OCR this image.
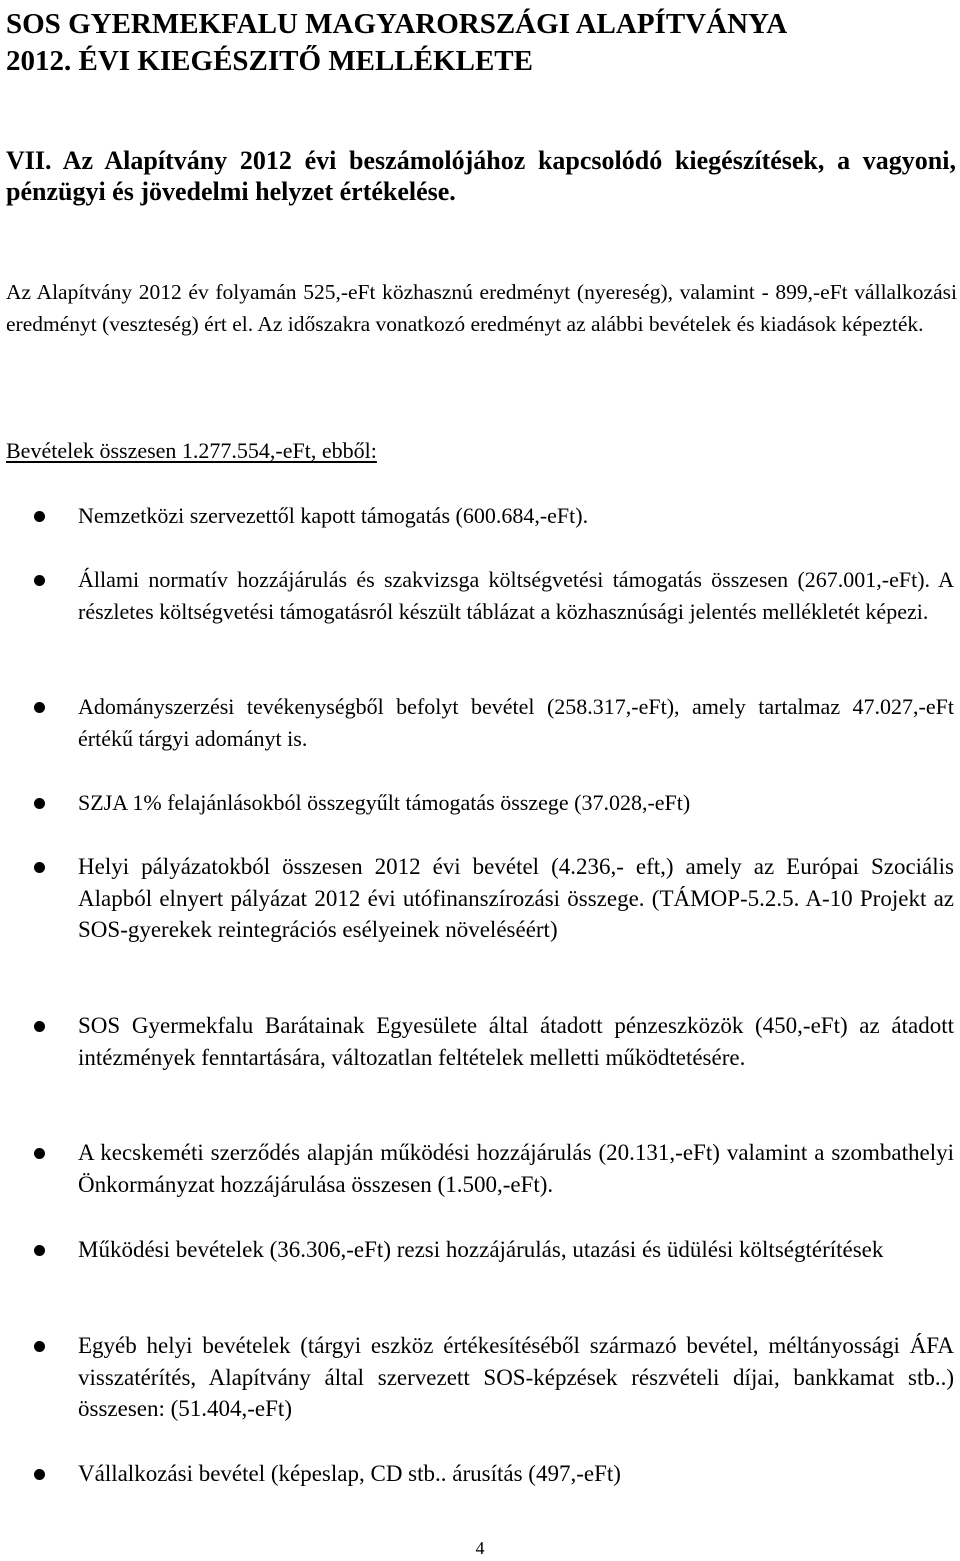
SOS GYERMEKFALU MAGYARORSZÁGI ALAPÍTVÁNYA
2012. ÉVI KIEGÉSZITŐ MELLÉKLETE
VII. Az Alapítvány 2012 évi beszámolójához kapcsolódó kiegészítések, a vagyoni, pénzügyi és jövedelmi helyzet értékelése.

Az Alapítvány 2012 év folyamán 525,-eFt közhasznú eredményt (nyereség), valamint - 899,-eFt vállalkozási eredményt (veszteség) ért el. Az időszakra vonatkozó eredményt az alábbi bevételek és kiadások képezték.

Bevételek összesen 1.277.554,-eFt, ebből:

Nemzetközi szervezettől kapott támogatás (600.684,-eFt).

Állami normatív hozzájárulás és szakvizsga költségvetési támogatás összesen (267.001,-eFt). A részletes költségvetési támogatásról készült táblázat a közhasznúsági jelentés mellékletét képezi.

Adományszerzési tevékenységből befolyt bevétel (258.317,-eFt), amely tartalmaz 47.027,-eFt értékű tárgyi adományt is.

SZJA 1% felajánlásokból összegyűlt támogatás összege (37.028,-eFt)

Helyi pályázatokból összesen 2012 évi bevétel (4.236,- eft,) amely az Európai Szociális Alapból elnyert pályázat 2012 évi utófinanszírozási összege. (TÁMOP-5.2.5. A-10 Projekt az SOS-gyerekek reintegrációs esélyeinek növeléséért)

SOS Gyermekfalu Barátainak Egyesülete által átadott pénzeszközök (450,-eFt) az átadott intézmények fenntartására, változatlan feltételek melletti működtetésére.

A kecskeméti szerződés alapján működési hozzájárulás (20.131,-eFt) valamint a szombathelyi Önkormányzat hozzájárulása összesen (1.500,-eFt).

Működési bevételek (36.306,-eFt) rezsi hozzájárulás, utazási és üdülési költségtérítések

Egyéb helyi bevételek (tárgyi eszköz értékesítéséből származó bevétel, méltányossági ÁFA visszatérítés, Alapítvány által szervezett SOS-képzések részvételi díjai, bankkamat stb..) összesen: (51.404,-eFt)

Vállalkozási bevétel (képeslap, CD stb.. árusítás (497,-eFt)

4
